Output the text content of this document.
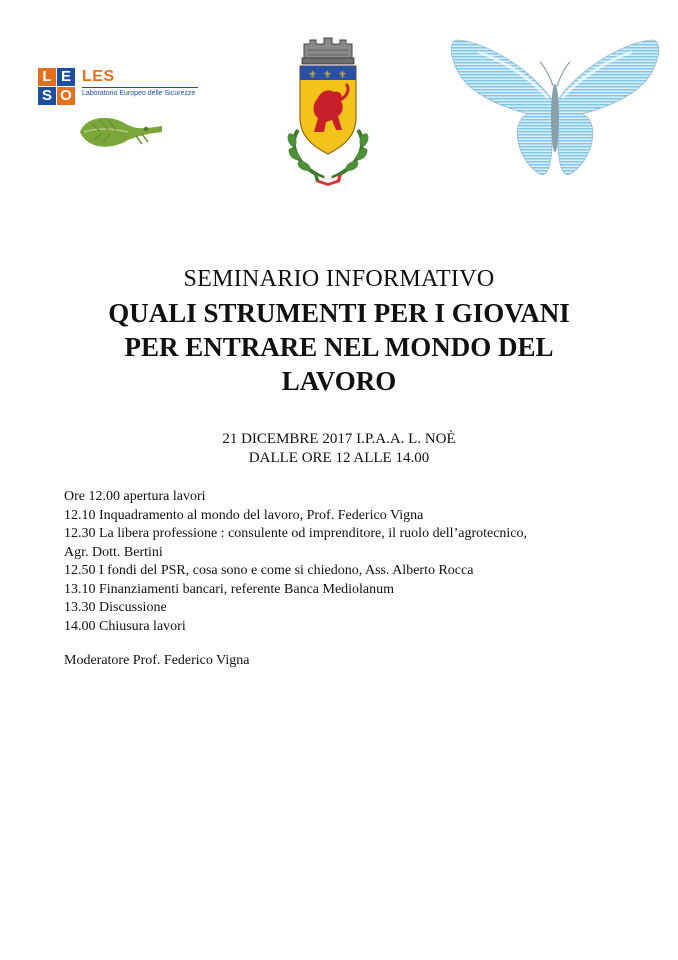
L E
S O
LES
Laboratorio Europeo delle Sicurezze
⚜ ⚜ ⚜
SEMINARIO INFORMATIVO
QUALI STRUMENTI PER I GIOVANI
PER ENTRARE NEL MONDO DEL
LAVORO
21 DICEMBRE 2017 I.P.A.A. L. NOÈ
DALLE ORE 12 ALLE 14.00
Ore 12.00 apertura lavori
12.10 Inquadramento al mondo del lavoro, Prof. Federico Vigna
12.30 La libera professione : consulente od imprenditore, il ruolo dell’agrotecnico,
Agr. Dott. Bertini
12.50 I fondi del PSR, cosa sono e come si chiedono, Ass. Alberto Rocca
13.10 Finanziamenti bancari, referente Banca Mediolanum
13.30 Discussione
14.00 Chiusura lavori
Moderatore Prof. Federico Vigna
